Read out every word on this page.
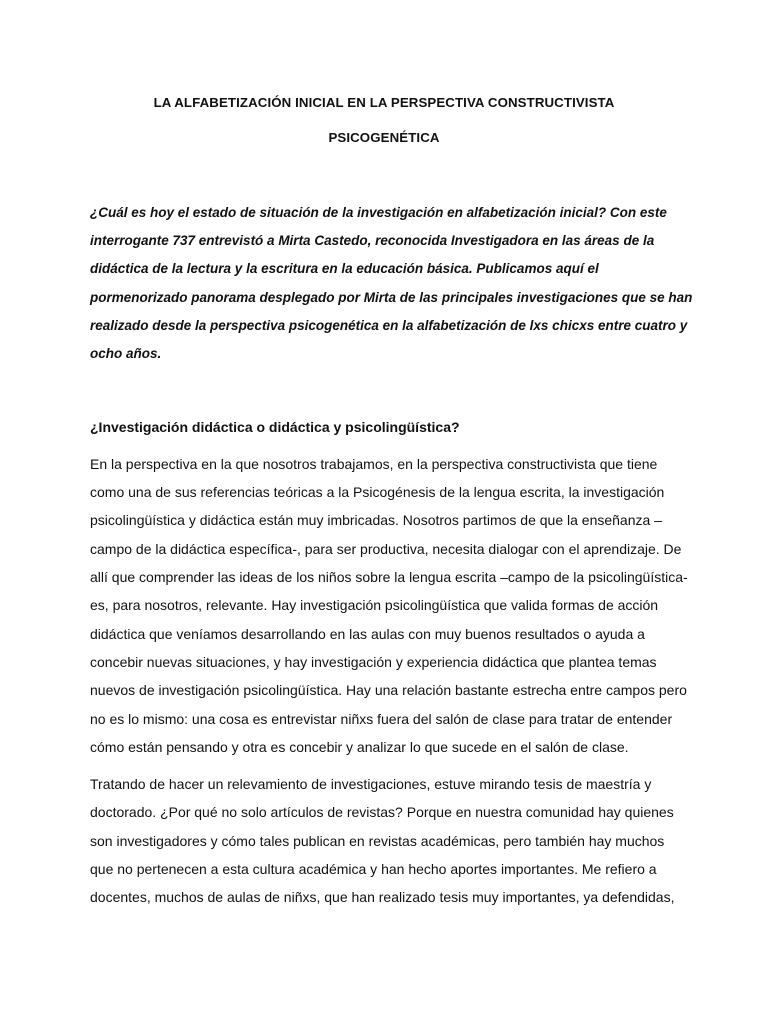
LA ALFABETIZACIÓN INICIAL EN LA PERSPECTIVA CONSTRUCTIVISTA
PSICOGENÉTICA
¿Cuál es hoy el estado de situación de la investigación en alfabetización inicial? Con este
interrogante 737 entrevistó a Mirta Castedo, reconocida Investigadora en las áreas de la
didáctica de la lectura y la escritura en la educación básica. Publicamos aquí el
pormenorizado panorama desplegado por Mirta de las principales investigaciones que se han
realizado desde la perspectiva psicogenética en la alfabetización de lxs chicxs entre cuatro y
ocho años.
¿Investigación didáctica o didáctica y psicolingüística?
En la perspectiva en la que nosotros trabajamos, en la perspectiva constructivista que tiene
como una de sus referencias teóricas a la Psicogénesis de la lengua escrita, la investigación
psicolingüística y didáctica están muy imbricadas. Nosotros partimos de que la enseñanza –
campo de la didáctica específica-, para ser productiva, necesita dialogar con el aprendizaje. De
allí que comprender las ideas de los niños sobre la lengua escrita –campo de la psicolingüística-
es, para nosotros, relevante. Hay investigación psicolingüística que valida formas de acción
didáctica que veníamos desarrollando en las aulas con muy buenos resultados o ayuda a
concebir nuevas situaciones, y hay investigación y experiencia didáctica que plantea temas
nuevos de investigación psicolingüística. Hay una relación bastante estrecha entre campos pero
no es lo mismo: una cosa es entrevistar niñxs fuera del salón de clase para tratar de entender
cómo están pensando y otra es concebir y analizar lo que sucede en el salón de clase.
Tratando de hacer un relevamiento de investigaciones, estuve mirando tesis de maestría y
doctorado. ¿Por qué no solo artículos de revistas? Porque en nuestra comunidad hay quienes
son investigadores y cómo tales publican en revistas académicas, pero también hay muchos
que no pertenecen a esta cultura académica y han hecho aportes importantes. Me refiero a
docentes, muchos de aulas de niñxs, que han realizado tesis muy importantes, ya defendidas,
